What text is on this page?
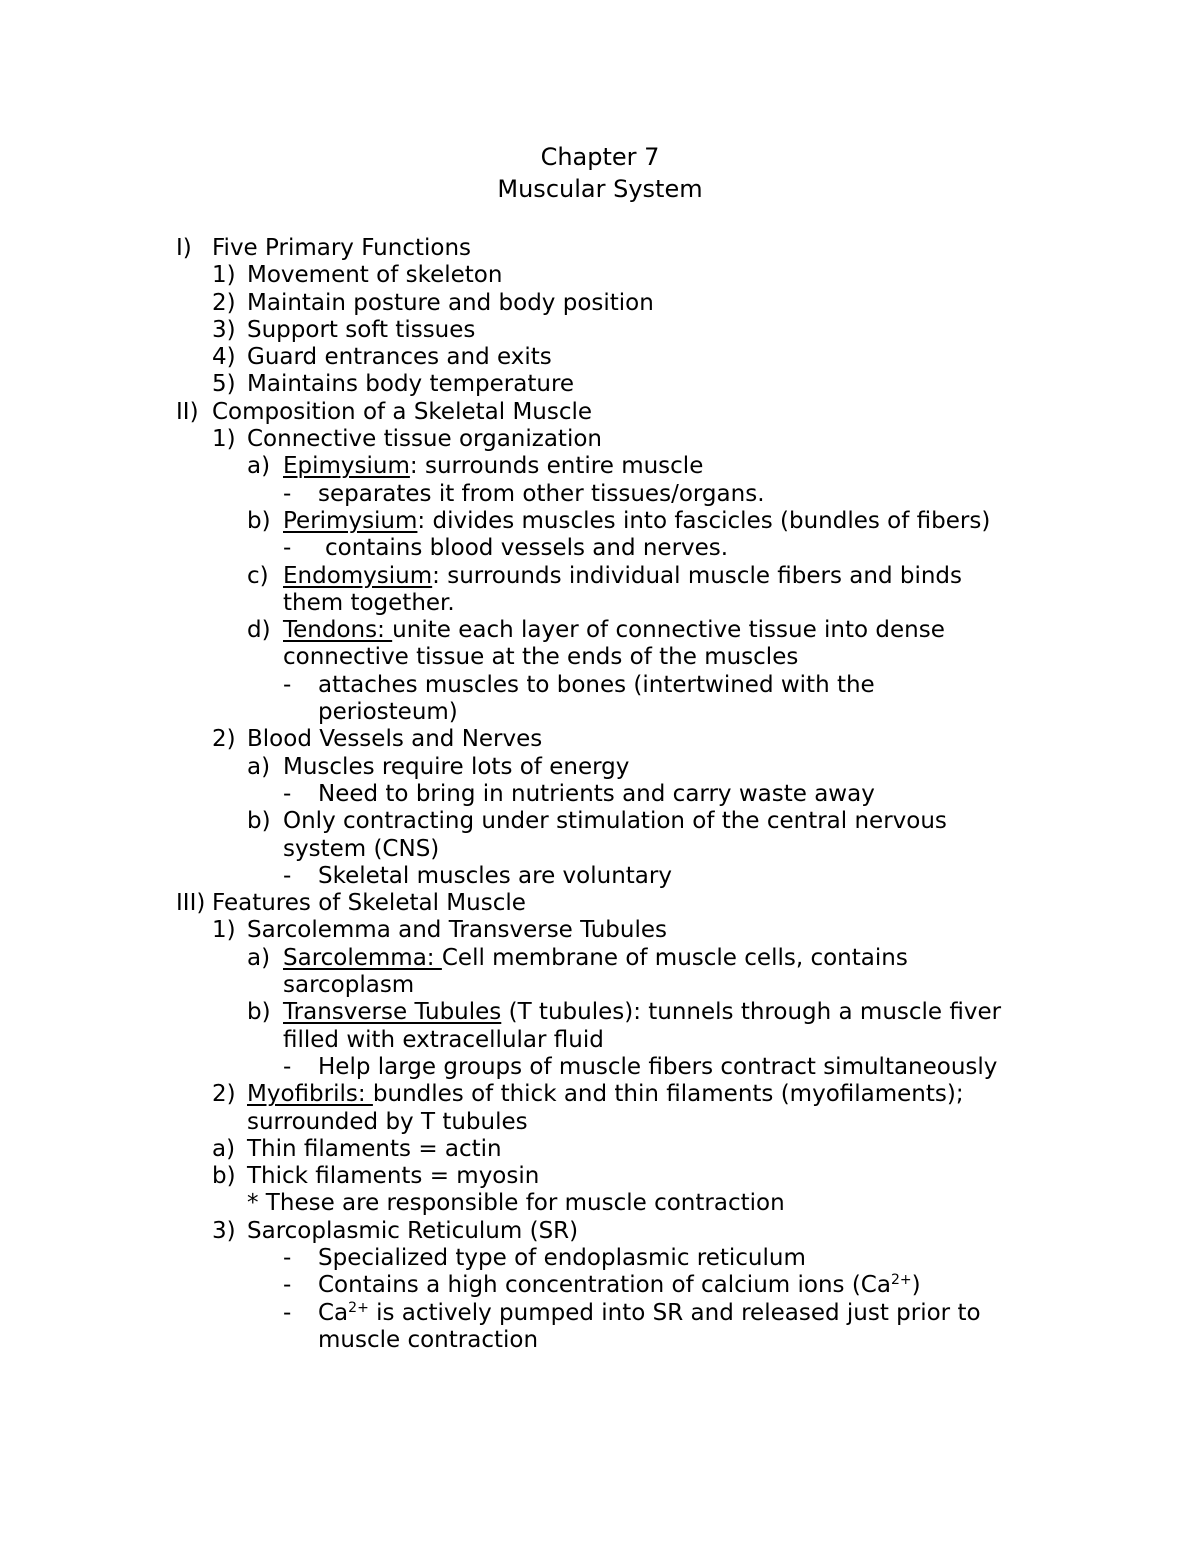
Chapter 7
Muscular System
I) Five Primary Functions
1) Movement of skeleton
2) Maintain posture and body position
3) Support soft tissues
4) Guard entrances and exits
5) Maintains body temperature
II) Composition of a Skeletal Muscle
1) Connective tissue organization
a) Epimysium: surrounds entire muscle
- separates it from other tissues/organs.
b) Perimysium: divides muscles into fascicles (bundles of fibers)
- contains blood vessels and nerves.
c) Endomysium: surrounds individual muscle fibers and binds
them together.
d) Tendons: unite each layer of connective tissue into dense
connective tissue at the ends of the muscles
- attaches muscles to bones (intertwined with the
periosteum)
2) Blood Vessels and Nerves
a) Muscles require lots of energy
- Need to bring in nutrients and carry waste away
b) Only contracting under stimulation of the central nervous
system (CNS)
- Skeletal muscles are voluntary
III) Features of Skeletal Muscle
1) Sarcolemma and Transverse Tubules
a) Sarcolemma: Cell membrane of muscle cells, contains
sarcoplasm
b) Transverse Tubules (T tubules): tunnels through a muscle fiver
filled with extracellular fluid
- Help large groups of muscle fibers contract simultaneously
2) Myofibrils: bundles of thick and thin filaments (myofilaments);
surrounded by T tubules
a) Thin filaments = actin
b) Thick filaments = myosin
* These are responsible for muscle contraction
3) Sarcoplasmic Reticulum (SR)
- Specialized type of endoplasmic reticulum
- Contains a high concentration of calcium ions $(Ca^{2+})$
- $Ca^{2+}$ is actively pumped into SR and released just prior to
muscle contraction
